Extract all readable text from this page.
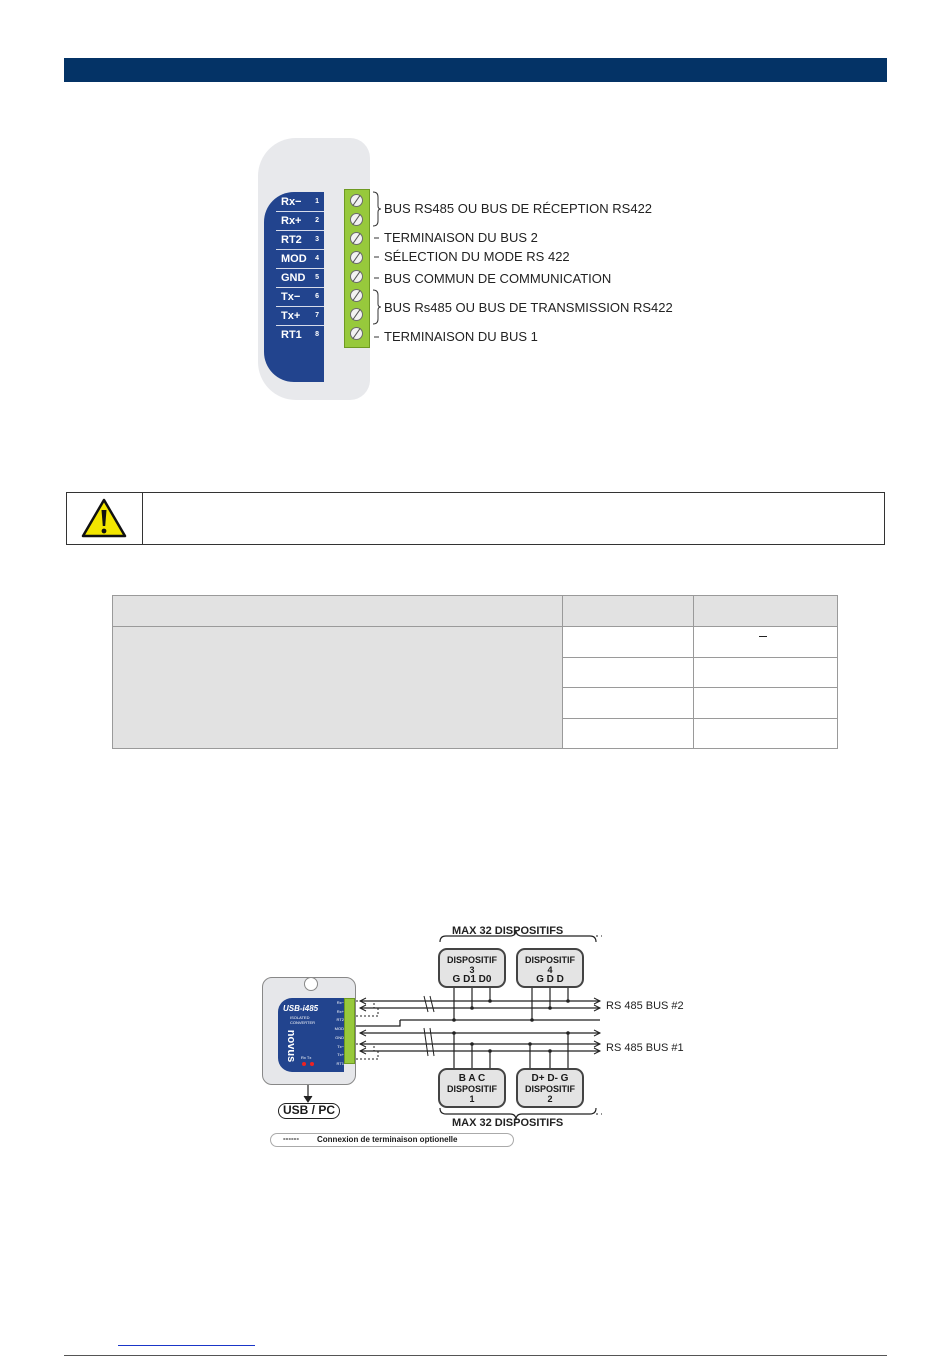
Rx− 1
Rx+ 2
RT2 3
MOD 4
GND 5
Tx− 6
Tx+ 7
RT1 8
BUS RS485 OU BUS DE RÉCEPTION RS422
TERMINAISON DU BUS 2
SÉLECTION DU MODE RS 422
BUS COMMUN DE COMMUNICATION
BUS Rs485 OU BUS DE TRANSMISSION RS422
TERMINAISON DU BUS 1
MAX 32 DISPOSITIFS
MAX 32 DISPOSITIFS
DISPOSITIF
3
G D1 D0
DISPOSITIF
4
G D D
B A C
DISPOSITIF
1
D+ D- G
DISPOSITIF
2
RS 485 BUS #2
RS 485 BUS #1
USB-i485
ISOLATED CONVERTER
novus Rx Tx
Rx−
Rx+
RT2
MOD
GND
Tx−
Tx+
RT1
USB / PC
------ Connexion de terminaison optionelle
